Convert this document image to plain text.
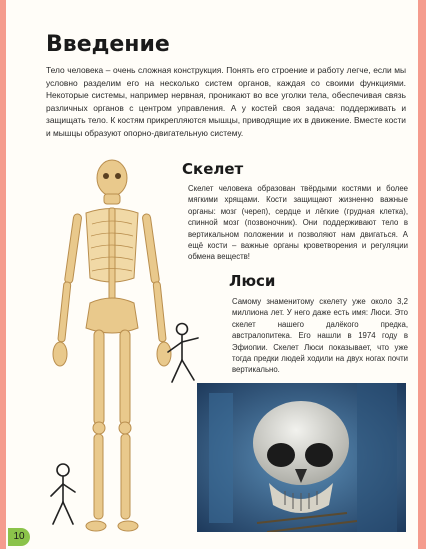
Введение

Тело человека – очень сложная конструкция. Понять его строение и работу легче, если мы условно разделим его на несколько систем органов, каждая со своими функциями. Некоторые системы, например нервная, проникают во все уголки тела, обеспечивая связь различных органов с центром управления. А у костей своя задача: поддерживать и защищать тело. К костям прикрепляются мышцы, приводящие их в движение. Вместе кости и мышцы образуют опорно-двигательную систему.

Скелет

Скелет человека образован твёрдыми костями и более мягкими хрящами. Кости защищают жизненно важные органы: мозг (череп), сердце и лёгкие (грудная клетка), спинной мозг (позвоночник). Они поддерживают тело в вертикальном положении и позволяют нам двигаться. А ещё кости – важные органы кроветворения и регуляции обмена веществ!

Люси

Самому знаменитому скелету уже около 3,2 миллиона лет. У него даже есть имя: Люси. Это скелет нашего далёкого предка, австралопитека. Его нашли в 1974 году в Эфиопии. Скелет Люси показывает, что уже тогда предки людей ходили на двух ногах почти вертикально.

10
